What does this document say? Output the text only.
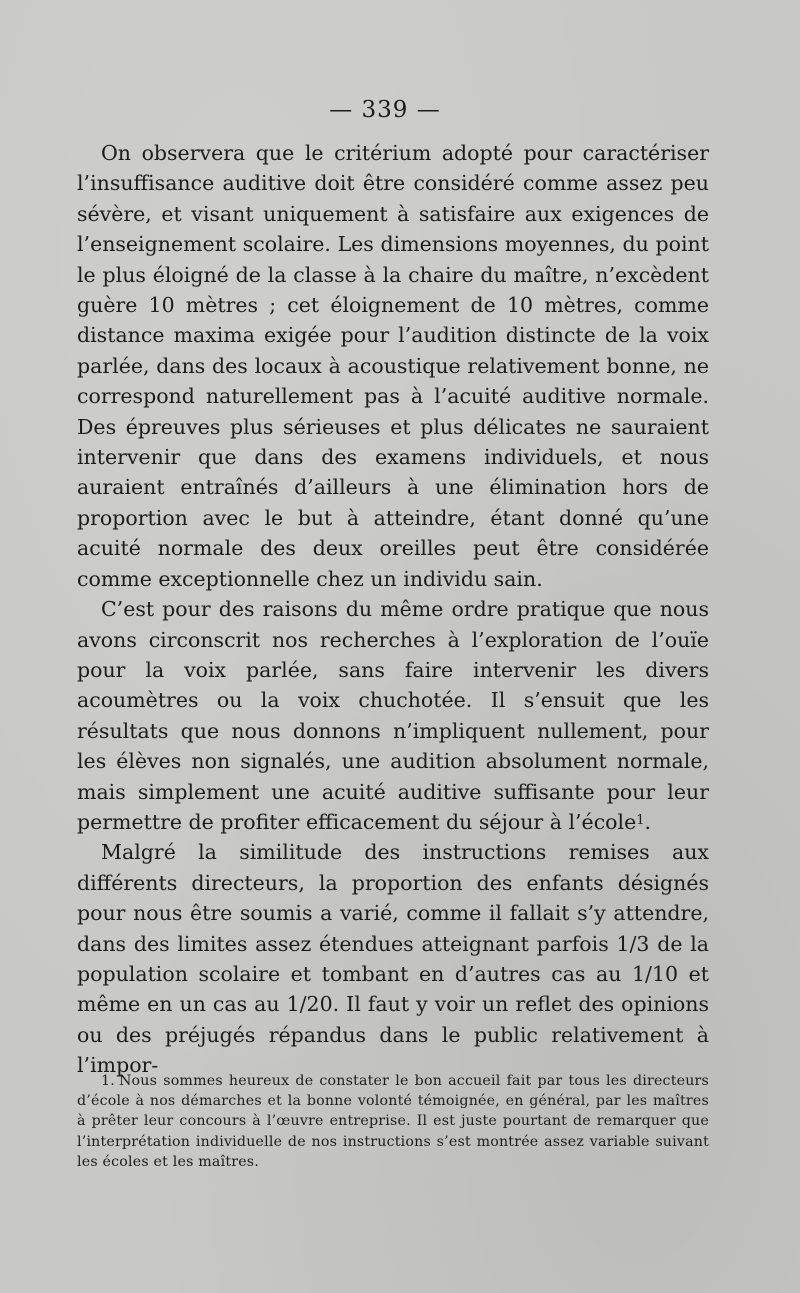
— 339 —

On observera que le critérium adopté pour caractériser l’insuffisance auditive doit être considéré comme assez peu sévère, et visant uniquement à satisfaire aux exigences de l’enseignement scolaire. Les dimensions moyennes, du point le plus éloigné de la classe à la chaire du maître, n’excèdent guère 10 mètres ; cet éloignement de 10 mètres, comme distance maxima exigée pour l’audition distincte de la voix parlée, dans des locaux à acoustique relativement bonne, ne correspond naturellement pas à l’acuité auditive normale. Des épreuves plus sérieuses et plus délicates ne sauraient intervenir que dans des examens individuels, et nous auraient entraînés d’ailleurs à une élimination hors de proportion avec le but à atteindre, étant donné qu’une acuité normale des deux oreilles peut être considérée comme exceptionnelle chez un individu sain.

C’est pour des raisons du même ordre pratique que nous avons circonscrit nos recherches à l’exploration de l’ouïe pour la voix parlée, sans faire intervenir les divers acoumètres ou la voix chuchotée. Il s’ensuit que les résultats que nous donnons n’impliquent nullement, pour les élèves non signalés, une audition absolument normale, mais simplement une acuité auditive suffisante pour leur permettre de profiter efficacement du séjour à l’école$^1$.

Malgré la similitude des instructions remises aux différents directeurs, la proportion des enfants désignés pour nous être soumis a varié, comme il fallait s’y attendre, dans des limites assez étendues atteignant parfois 1/3 de la population scolaire et tombant en d’autres cas au 1/10 et même en un cas au 1/20. Il faut y voir un reflet des opinions ou des préjugés répandus dans le public relativement à l’impor-

1. Nous sommes heureux de constater le bon accueil fait par tous les directeurs d’école à nos démarches et la bonne volonté témoignée, en général, par les maîtres à prêter leur concours à l’œuvre entreprise. Il est juste pourtant de remarquer que l’interprétation individuelle de nos instructions s’est montrée assez variable suivant les écoles et les maîtres.
